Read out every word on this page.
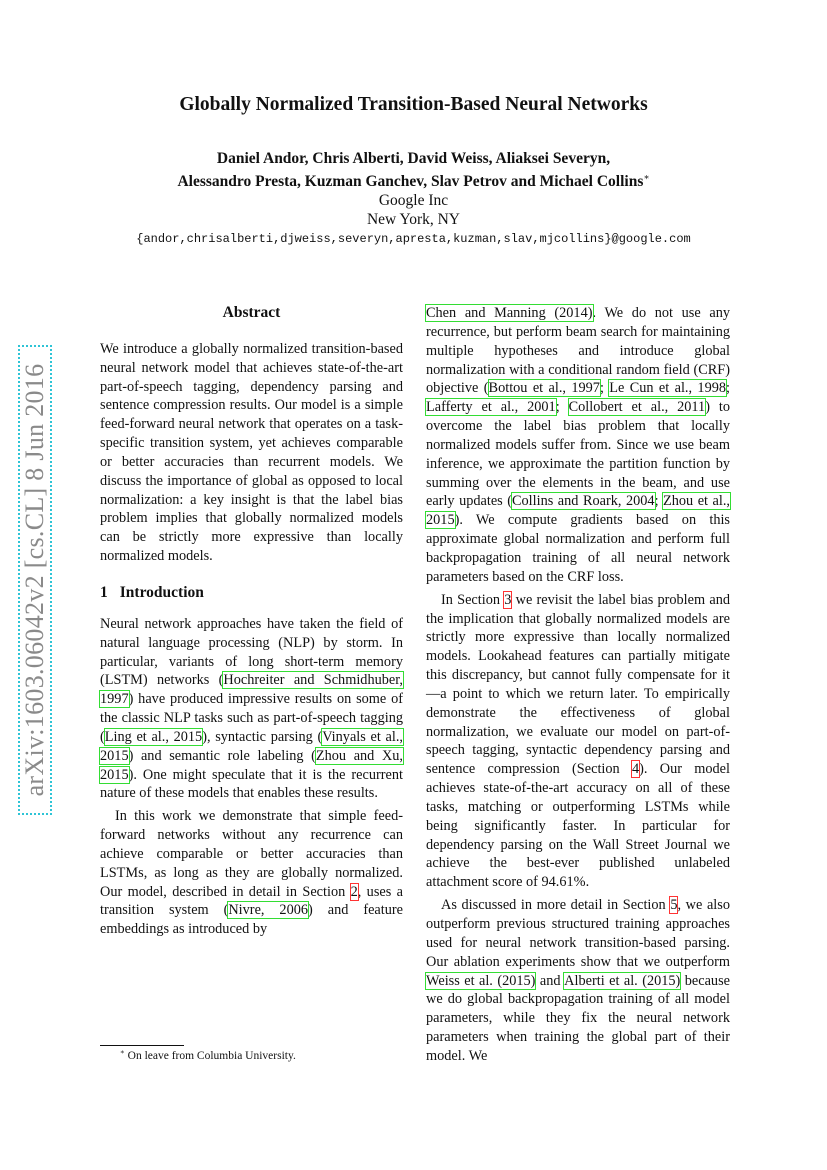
Globally Normalized Transition-Based Neural Networks
Daniel Andor, Chris Alberti, David Weiss, Aliaksei Severyn,
Alessandro Presta, Kuzman Ganchev, Slav Petrov and Michael Collins∗
Google Inc
New York, NY
{andor,chrisalberti,djweiss,severyn,apresta,kuzman,slav,mjcollins}@google.com
arXiv:1603.06042v2 [cs.CL] 8 Jun 2016
Abstract

We introduce a globally normalized transition-based neural network model that achieves state-of-the-art part-of-speech tagging, dependency parsing and sentence compression results. Our model is a simple feed-forward neural network that operates on a task-specific transition system, yet achieves comparable or better accuracies than recurrent models. We discuss the importance of global as opposed to local normalization: a key insight is that the label bias problem implies that globally normalized models can be strictly more expressive than locally normalized models.

1 Introduction

Neural network approaches have taken the field of natural language processing (NLP) by storm. In particular, variants of long short-term memory (LSTM) networks (Hochreiter and Schmidhuber, 1997) have produced impressive results on some of the classic NLP tasks such as part-of-speech tagging (Ling et al., 2015), syntactic parsing (Vinyals et al., 2015) and semantic role labeling (Zhou and Xu, 2015). One might speculate that it is the recurrent nature of these models that enables these results.

In this work we demonstrate that simple feed-forward networks without any recurrence can achieve comparable or better accuracies than LSTMs, as long as they are globally normalized. Our model, described in detail in Section 2, uses a transition system (Nivre, 2006) and feature embeddings as introduced by

Chen and Manning (2014). We do not use any recurrence, but perform beam search for maintaining multiple hypotheses and introduce global normalization with a conditional random field (CRF) objective (Bottou et al., 1997; Le Cun et al., 1998; Lafferty et al., 2001; Collobert et al., 2011) to overcome the label bias problem that locally normalized models suffer from. Since we use beam inference, we approximate the partition function by summing over the elements in the beam, and use early updates (Collins and Roark, 2004; Zhou et al., 2015). We compute gradients based on this approximate global normalization and perform full backpropagation training of all neural network parameters based on the CRF loss.

In Section 3 we revisit the label bias problem and the implication that globally normalized models are strictly more expressive than locally normalized models. Lookahead features can partially mitigate this discrepancy, but cannot fully compensate for it—a point to which we return later. To empirically demonstrate the effectiveness of global normalization, we evaluate our model on part-of-speech tagging, syntactic dependency parsing and sentence compression (Section 4). Our model achieves state-of-the-art accuracy on all of these tasks, matching or outperforming LSTMs while being significantly faster. In particular for dependency parsing on the Wall Street Journal we achieve the best-ever published unlabeled attachment score of 94.61%.

As discussed in more detail in Section 5, we also outperform previous structured training approaches used for neural network transition-based parsing. Our ablation experiments show that we outperform Weiss et al. (2015) and Alberti et al. (2015) because we do global backpropagation training of all model parameters, while they fix the neural network parameters when training the global part of their model. We

∗ On leave from Columbia University.
